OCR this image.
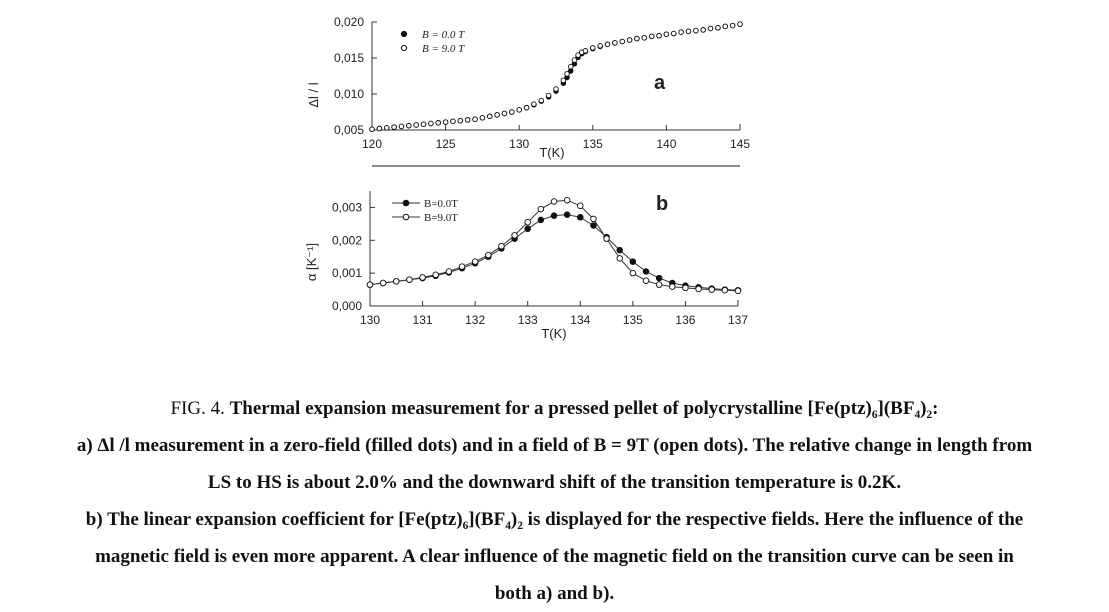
120	125	130	135	140	145
0,005
0,010
0,015
0,020
T(K)
Δl / l	a
B = 0.0 T
B = 9.0 T
130	131	132	133	134	135	136	137
0,000
0,001
0,002
0,003
T(K)
α [K⁻¹]
b
B=0.0T
B=9.0T
FIG. 4. Thermal expansion measurement for a pressed pellet of polycrystalline [Fe(ptz)₆](BF₄)₂:
a) Δl /l measurement in a zero-field (filled dots) and in a field of B = 9T (open dots). The relative change in length from
LS to HS is about 2.0% and the downward shift of the transition temperature is 0.2K.
b) The linear expansion coefficient for [Fe(ptz)₆](BF₄)₂ is displayed for the respective fields. Here the influence of the
magnetic field is even more apparent. A clear influence of the magnetic field on the transition curve can be seen in
both a) and b).
